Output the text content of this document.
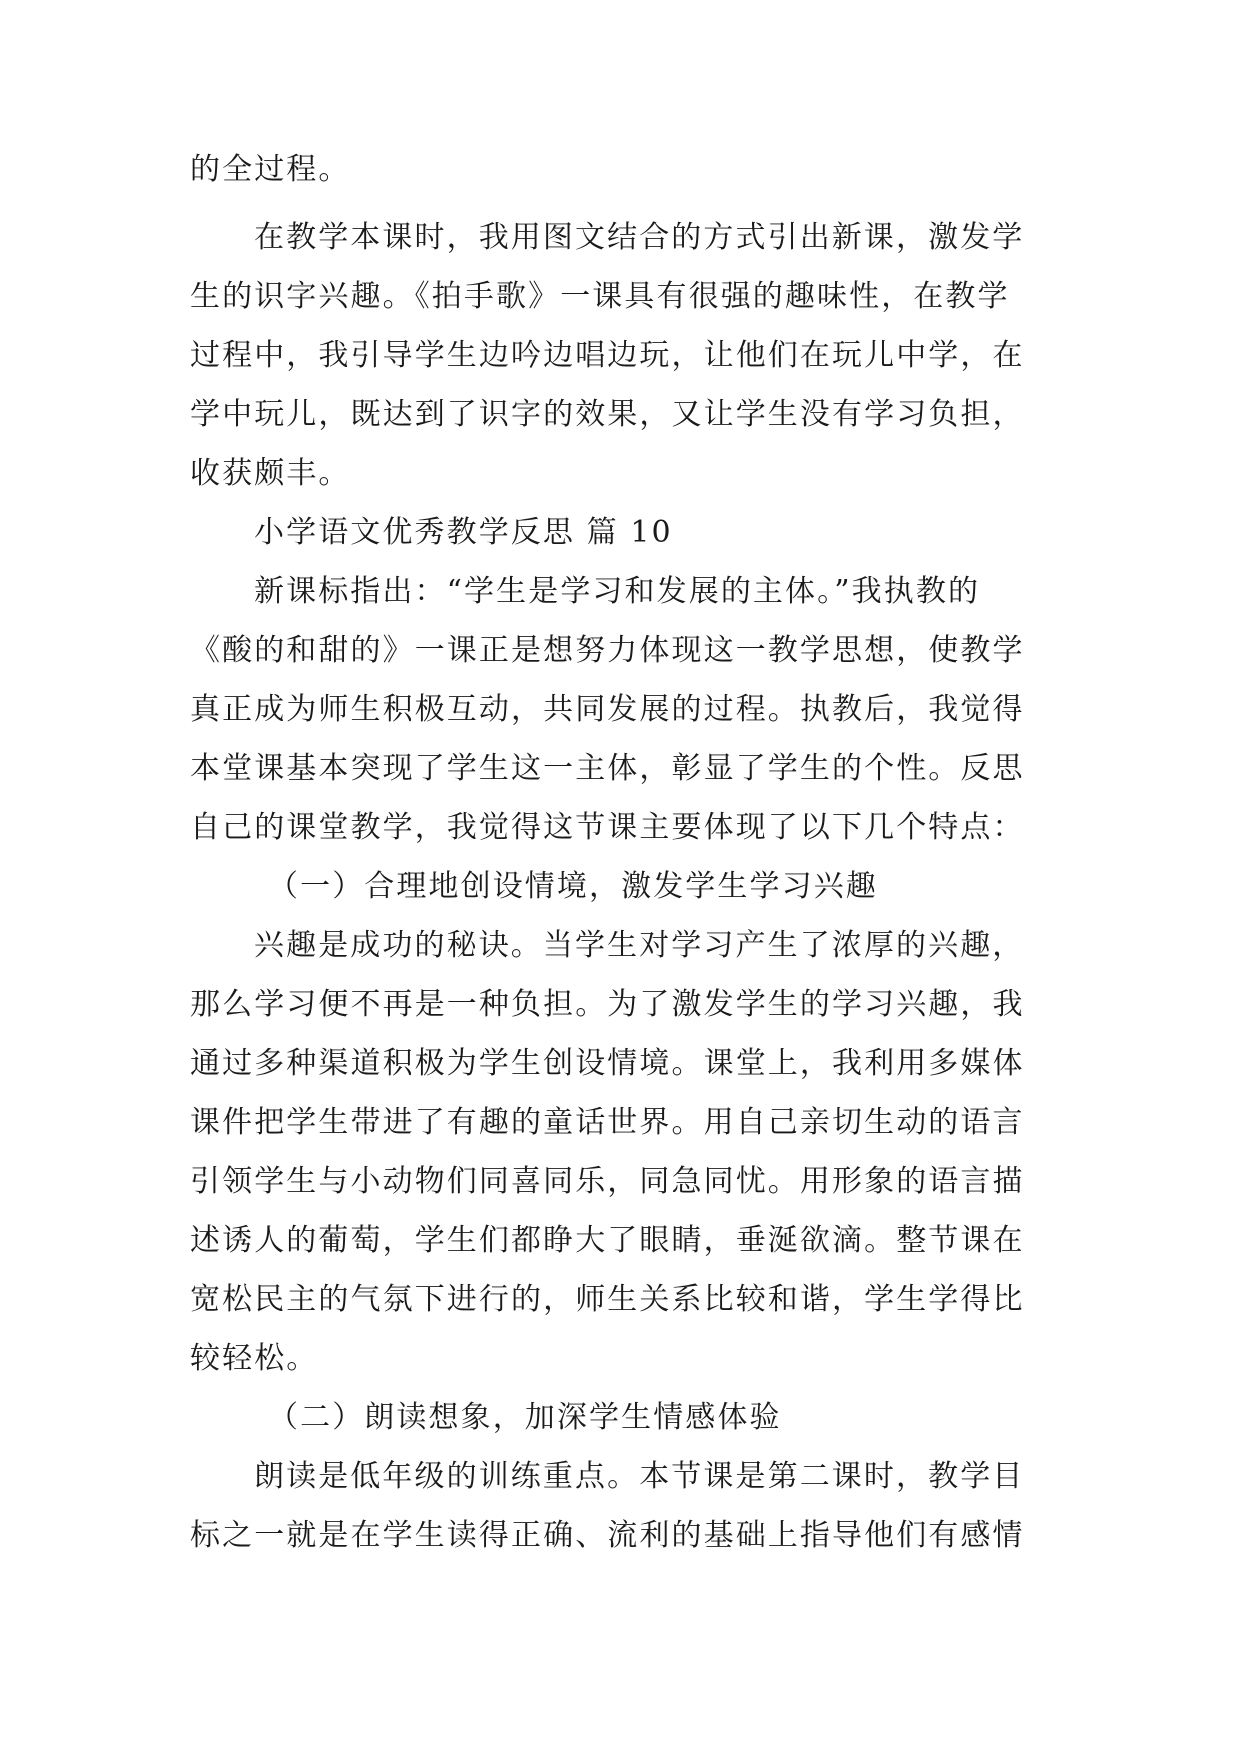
的全过程。
在教学本课时，我用图文结合的方式引出新课，激发学
生的识字兴趣。《拍手歌》一课具有很强的趣味性，在教学
过程中，我引导学生边吟边唱边玩，让他们在玩儿中学，在
学中玩儿，既达到了识字的效果，又让学生没有学习负担，
收获颇丰。
小学语文优秀教学反思 篇 10
新课标指出：“学生是学习和发展的主体。”我执教的
《酸的和甜的》一课正是想努力体现这一教学思想，使教学
真正成为师生积极互动，共同发展的过程。执教后，我觉得
本堂课基本突现了学生这一主体，彰显了学生的个性。反思
自己的课堂教学，我觉得这节课主要体现了以下几个特点：
（一）合理地创设情境，激发学生学习兴趣
兴趣是成功的秘诀。当学生对学习产生了浓厚的兴趣，
那么学习便不再是一种负担。为了激发学生的学习兴趣，我
通过多种渠道积极为学生创设情境。课堂上，我利用多媒体
课件把学生带进了有趣的童话世界。用自己亲切生动的语言
引领学生与小动物们同喜同乐，同急同忧。用形象的语言描
述诱人的葡萄，学生们都睁大了眼睛，垂涎欲滴。整节课在
宽松民主的气氛下进行的，师生关系比较和谐，学生学得比
较轻松。
（二）朗读想象，加深学生情感体验
朗读是低年级的训练重点。本节课是第二课时，教学目
标之一就是在学生读得正确、流利的基础上指导他们有感情
